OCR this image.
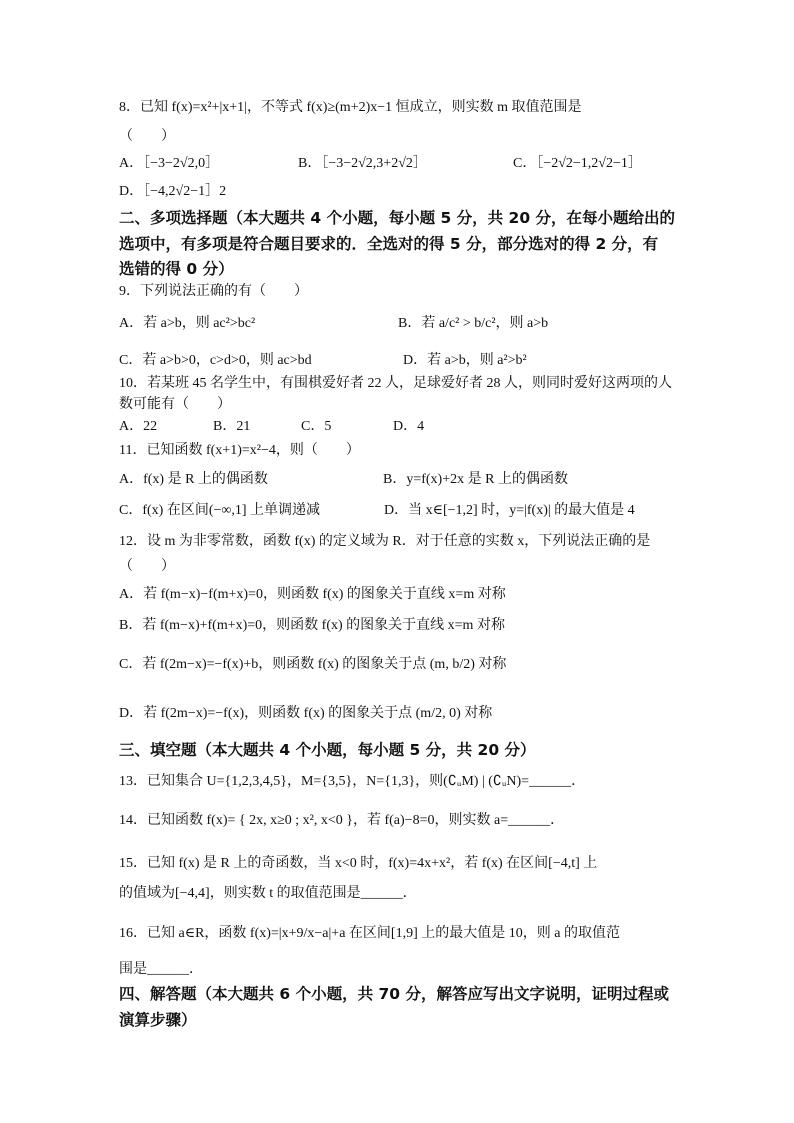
8．已知 f(x)=x²+|x+1|，不等式 f(x)≥(m+2)x−1 恒成立，则实数 m 取值范围是
（　　）
A．［−3−2√2,0］	B．［−3−2√2,3+2√2］	C．［−2√2−1,2√2−1］
D．［−4,2√2−1］2
二、多项选择题（本大题共 4 个小题，每小题 5 分，共 20 分，在每小题给出的
选项中，有多项是符合题目要求的．全选对的得 5 分，部分选对的得 2 分，有
选错的得 0 分）
9．下列说法正确的有（　　）
A．若 a>b，则 ac²>bc²	B．若 a/c² > b/c²，则 a>b
C．若 a>b>0，c>d>0，则 ac>bd	D．若 a>b，则 a²>b²
10．若某班 45 名学生中，有围棋爱好者 22 人，足球爱好者 28 人，则同时爱好这两项的人
数可能有（　　）
A．22	B．21	C．5	D．4
11．已知函数 f(x+1)=x²−4，则（　　）
A．f(x) 是 R 上的偶函数	B．y=f(x)+2x 是 R 上的偶函数
C．f(x) 在区间(−∞,1] 上单调递减	D．当 x∈[−1,2] 时，y=|f(x)| 的最大值是 4
12．设 m 为非零常数，函数 f(x) 的定义域为 R．对于任意的实数 x，下列说法正确的是
（　　）
A．若 f(m−x)−f(m+x)=0，则函数 f(x) 的图象关于直线 x=m 对称
B．若 f(m−x)+f(m+x)=0，则函数 f(x) 的图象关于直线 x=m 对称
C．若 f(2m−x)=−f(x)+b，则函数 f(x) 的图象关于点 (m, b/2) 对称
D．若 f(2m−x)=−f(x)，则函数 f(x) 的图象关于点 (m/2, 0) 对称
三、填空题（本大题共 4 个小题，每小题 5 分，共 20 分）
13．已知集合 U={1,2,3,4,5}，M={3,5}，N={1,3}，则(∁ᵤM) | (∁ᵤN)=______．
14．已知函数 f(x)= { 2x, x≥0 ; x², x<0 }，若 f(a)−8=0，则实数 a=______．
15．已知 f(x) 是 R 上的奇函数，当 x<0 时，f(x)=4x+x²，若 f(x) 在区间[−4,t] 上
的值域为[−4,4]，则实数 t 的取值范围是______．
16．已知 a∈R，函数 f(x)=|x+9/x−a|+a 在区间[1,9] 上的最大值是 10，则 a 的取值范
围是______．
四、解答题（本大题共 6 个小题，共 70 分，解答应写出文字说明，证明过程或
演算步骤）
